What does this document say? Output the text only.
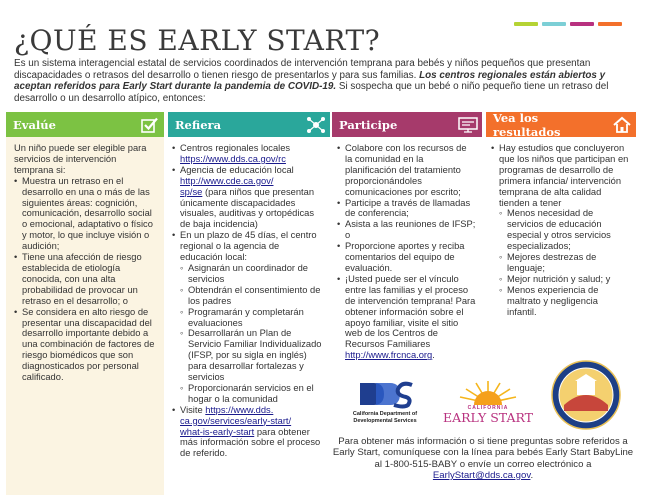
¿QUÉ ES EARLY START?

Es un sistema interagencial estatal de servicios coordinados de intervención temprana para bebés y niños pequeños que presentan discapacidades o retrasos del desarrollo o tienen riesgo de presentarlos y para sus familias. Los centros regionales están abiertos y aceptan referidos para Early Start durante la pandemia de COVID-19. Si sospecha que un bebé o niño pequeño tiene un retraso del desarrollo o un desarrollo atípico, entonces:

Evalúe

Un niño puede ser elegible para servicios de intervención temprana si:

• Muestra un retraso en el desarrollo en una o más de las siguientes áreas: cognición, comunicación, desarrollo social o emocional, adaptativo o físico y motor, lo que incluye visión o audición;
• Tiene una afección de riesgo establecida de etiología conocida, con una alta probabilidad de provocar un retraso en el desarrollo; o
• Se considera en alto riesgo de presentar una discapacidad del desarrollo importante debido a una combinación de factores de riesgo biomédicos que son diagnosticados por personal calificado.
Refiera
• Centros regionales locales
https://www.dds.ca.gov/rc
• Agencia de educación local
http://www.cde.ca.gov/
sp/se (para niños que presentan únicamente discapacidades visuales, auditivas y ortopédicas de baja incidencia)
• En un plazo de 45 días, el centro regional o la agencia de educación local:
◦ Asignarán un coordinador de servicios
◦ Obtendrán el consentimiento de los padres
◦ Programarán y completarán evaluaciones
◦ Desarrollarán un Plan de Servicio Familiar Individualizado (IFSP, por su sigla en inglés) para desarrollar fortalezas y servicios
◦ Proporcionarán servicios en el hogar o la comunidad
• Visite https://www.dds.
ca.gov/services/early-start/
what-is-early-start para obtener más información sobre el proceso de referido.
Participe
• Colabore con los recursos de la comunidad en la planificación del tratamiento proporcionándoles comunicaciones por escrito;
• Participe a través de llamadas de conferencia;
• Asista a las reuniones de IFSP; o
• Proporcione aportes y reciba comentarios del equipo de evaluación.
• ¡Usted puede ser el vínculo entre las familias y el proceso de intervención temprana! Para obtener información sobre el apoyo familiar, visite el sitio web de los Centros de Recursos Familiares http://www.frcnca.org.
Vea los resultados
• Hay estudios que concluyeron que los niños que participan en programas de desarrollo de primera infancia/ intervención temprana de alta calidad tienden a tener
◦ Menos necesidad de servicios de educación especial y otros servicios especializados;
◦ Mejores destrezas de lenguaje;
◦ Mejor nutrición y salud; y
◦ Menos experiencia de maltrato y negligencia infantil.
California Department of
Developmental Services
CALIFORNIA
EARLY START

Para obtener más información o si tiene preguntas sobre referidos a Early Start, comuníquese con la línea para bebés Early Start BabyLine al 1-800-515-BABY o envíe un correo electrónico a EarlyStart@dds.ca.gov.
